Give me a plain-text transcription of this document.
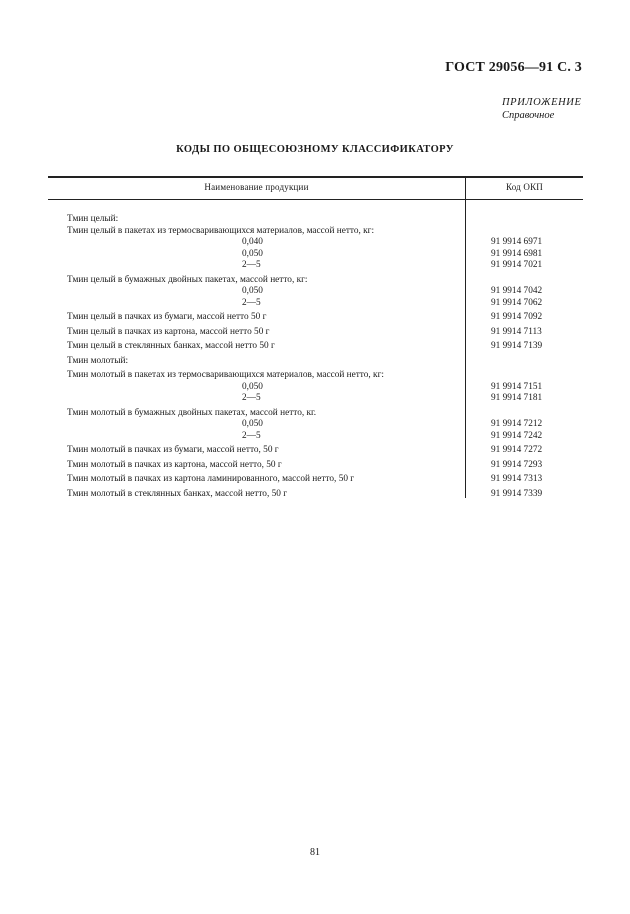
ГОСТ 29056—91 С. 3
ПРИЛОЖЕНИЕ
Справочное
КОДЫ ПО ОБЩЕСОЮЗНОМУ КЛАССИФИКАТОРУ
Наименование продукции	Код ОКП
Тмин целый:
Тмин целый в пакетах из термосваривающихся материалов, массой нетто, кг:
0,040	91 9914 6971
0,050	91 9914 6981
2—5	91 9914 7021
Тмин целый в бумажных двойных пакетах, массой нетто, кг:
0,050	91 9914 7042
2—5	91 9914 7062
Тмин целый в пачках из бумаги, массой нетто 50 г	91 9914 7092
Тмин целый в пачках из картона, массой нетто 50 г	91 9914 7113
Тмин целый в стеклянных банках, массой нетто 50 г	91 9914 7139
Тмин молотый:
Тмин молотый в пакетах из термосваривающихся материалов, массой нетто, кг:
0,050	91 9914 7151
2—5	91 9914 7181
Тмин молотый в бумажных двойных пакетах, массой нетто, кг.
0,050	91 9914 7212
2—5	91 9914 7242
Тмин молотый в пачках из бумаги, массой нетто, 50 г	91 9914 7272
Тмин молотый в пачках из картона, массой нетто, 50 г	91 9914 7293
Тмин молотый в пачках из картона ламинированного, массой нетто, 50 г	91 9914 7313
Тмин молотый в стеклянных банках, массой нетто, 50 г	91 9914 7339
81
